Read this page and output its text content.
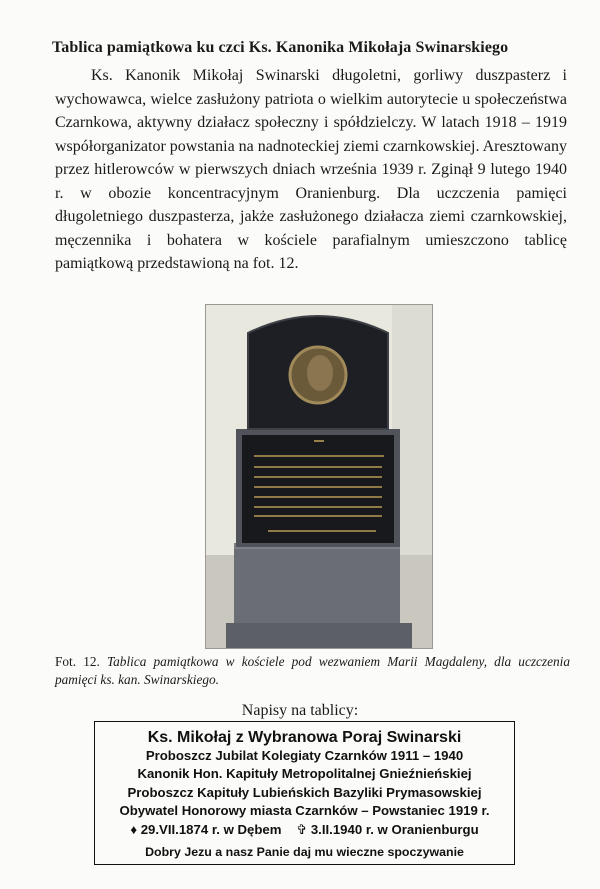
Tablica pamiątkowa ku czci Ks. Kanonika Mikołaja Swinarskiego

Ks. Kanonik Mikołaj Swinarski długoletni, gorliwy duszpasterz i wychowawca, wielce zasłużony patriota o wielkim autorytecie u społeczeństwa Czarnkowa, aktywny działacz społeczny i spółdzielczy. W latach 1918 – 1919 współorganizator powstania na nadnoteckiej ziemi czarnkowskiej. Aresztowany przez hitlerowców w pierwszych dniach września 1939 r. Zginął 9 lutego 1940 r. w obozie koncentracyjnym Oranienburg. Dla uczczenia pamięci długoletniego duszpasterza, jakże zasłużonego działacza ziemi czarnkowskiej, męczennika i bohatera w kościele parafialnym umieszczono tablicę pamiątkową przedstawioną na fot. 12.

Fot. 12. Tablica pamiątkowa w kościele pod wezwaniem Marii Magdaleny, dla uczczenia pamięci ks. kan. Swinarskiego.

Napisy na tablicy:
Ks. Mikołaj z Wybranowa Poraj Swinarski
Proboszcz Jubilat Kolegiaty Czarnków 1911 – 1940
Kanonik Hon. Kapituły Metropolitalnej Gnieźnieńskiej
Proboszcz Kapituły Lubieńskich Bazyliki Prymasowskiej
Obywatel Honorowy miasta Czarnków – Powstaniec 1919 r.
♦ 29.VII.1874 r. w Dębem ✞ 3.II.1940 r. w Oranienburgu
Dobry Jezu a nasz Panie daj mu wieczne spoczywanie
